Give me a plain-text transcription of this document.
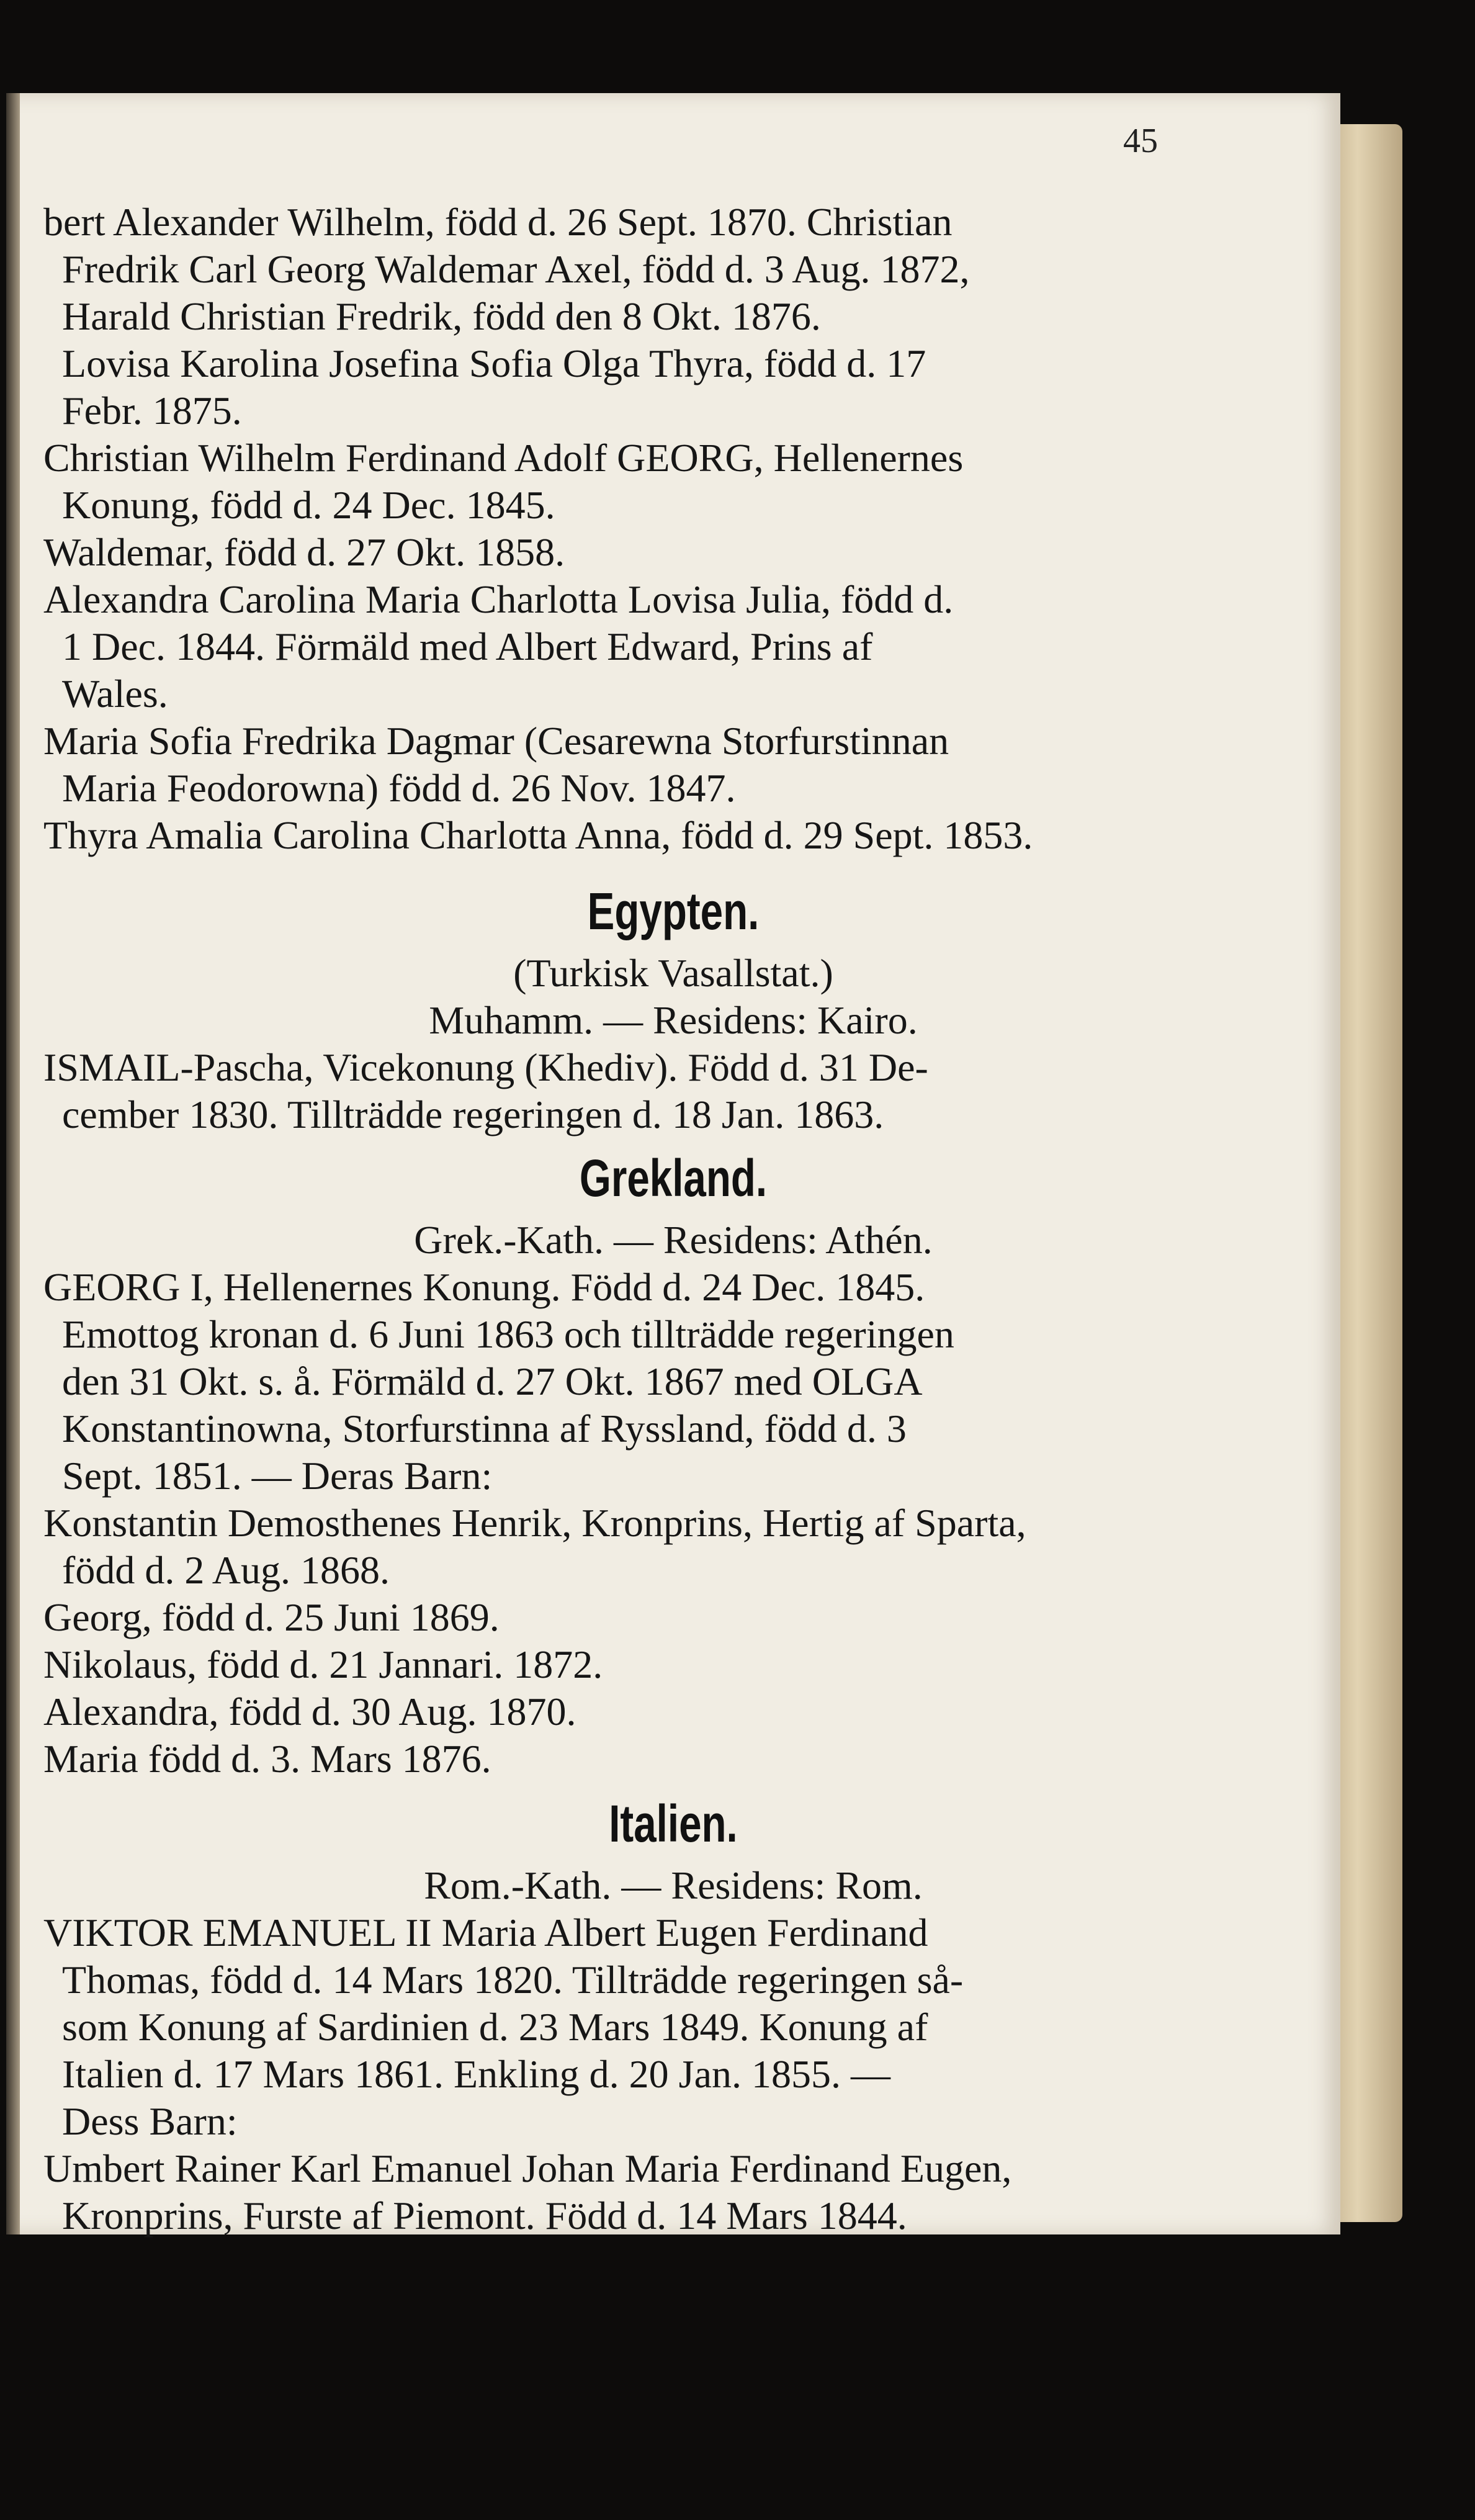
45
bert Alexander Wilhelm, född d. 26 Sept. 1870. Christian
Fredrik Carl Georg Waldemar Axel, född d. 3 Aug. 1872,
Harald Christian Fredrik, född den 8 Okt. 1876.
Lovisa Karolina Josefina Sofia Olga Thyra, född d. 17
Febr. 1875.
Christian Wilhelm Ferdinand Adolf GEORG, Hellenernes
Konung, född d. 24 Dec. 1845.
Waldemar, född d. 27 Okt. 1858.
Alexandra Carolina Maria Charlotta Lovisa Julia, född d.
1 Dec. 1844. Förmäld med Albert Edward, Prins af
Wales.
Maria Sofia Fredrika Dagmar (Cesarewna Storfurstinnan
Maria Feodorowna) född d. 26 Nov. 1847.
Thyra Amalia Carolina Charlotta Anna, född d. 29 Sept. 1853.
Egypten.
(Turkisk Vasallstat.)
Muhamm. — Residens: Kairo.
ISMAIL-Pascha, Vicekonung (Khediv). Född d. 31 De-
cember 1830. Tillträdde regeringen d. 18 Jan. 1863.
Grekland.
Grek.-Kath. — Residens: Athén.
GEORG I, Hellenernes Konung. Född d. 24 Dec. 1845.
Emottog kronan d. 6 Juni 1863 och tillträdde regeringen
den 31 Okt. s. å. Förmäld d. 27 Okt. 1867 med OLGA
Konstantinowna, Storfurstinna af Ryssland, född d. 3
Sept. 1851. — Deras Barn:
Konstantin Demosthenes Henrik, Kronprins, Hertig af Sparta,
född d. 2 Aug. 1868.
Georg, född d. 25 Juni 1869.
Nikolaus, född d. 21 Jannari. 1872.
Alexandra, född d. 30 Aug. 1870.
Maria född d. 3. Mars 1876.
Italien.
Rom.-Kath. — Residens: Rom.
VIKTOR EMANUEL II Maria Albert Eugen Ferdinand
Thomas, född d. 14 Mars 1820. Tillträdde regeringen så-
som Konung af Sardinien d. 23 Mars 1849. Konung af
Italien d. 17 Mars 1861. Enkling d. 20 Jan. 1855. —
Dess Barn:
Umbert Rainer Karl Emanuel Johan Maria Ferdinand Eugen,
Kronprins, Furste af Piemont. Född d. 14 Mars 1844.
